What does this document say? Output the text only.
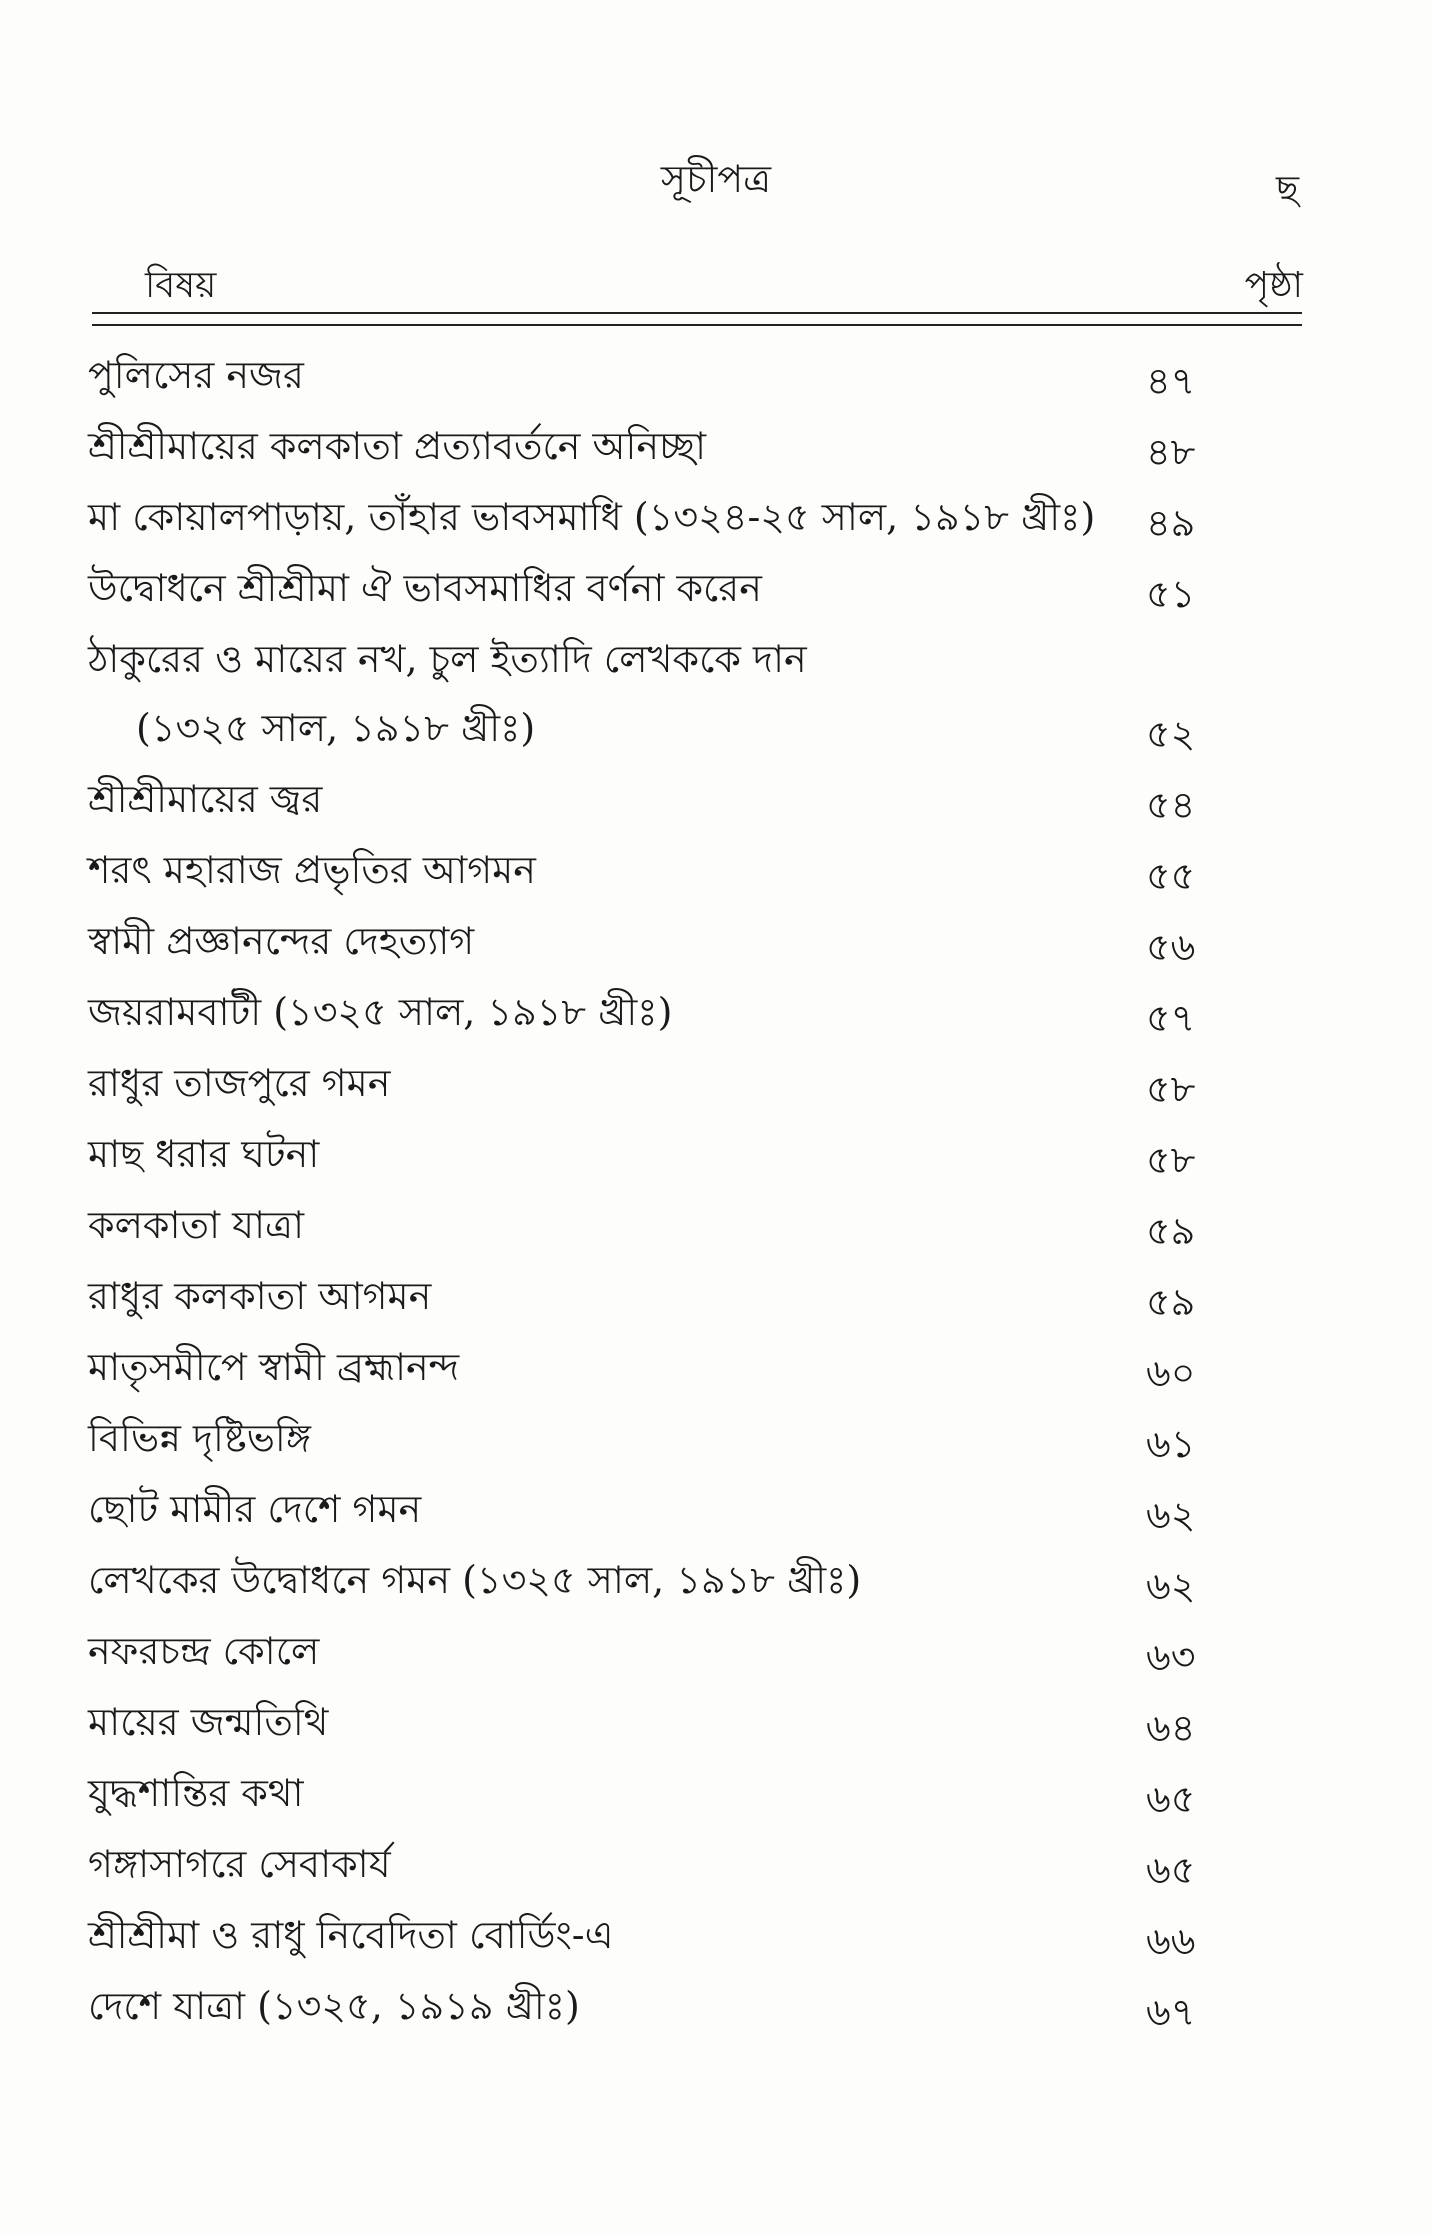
সূচীপত্র	ছ
বিষয়	পৃষ্ঠা
পুলিসের নজর	৪৭
শ্রীশ্রীমায়ের কলকাতা প্রত্যাবর্তনে অনিচ্ছা	৪৮
মা কোয়ালপাড়ায়, তাঁহার ভাবসমাধি (১৩২৪-২৫ সাল, ১৯১৮ খ্রীঃ) ৪৯
উদ্বোধনে শ্রীশ্রীমা ঐ ভাবসমাধির বর্ণনা করেন	৫১
ঠাকুরের ও মায়ের নখ, চুল ইত্যাদি লেখককে দান
(১৩২৫ সাল, ১৯১৮ খ্রীঃ)	৫২
শ্রীশ্রীমায়ের জ্বর	৫৪
শরৎ মহারাজ প্রভৃতির আগমন	৫৫
স্বামী প্রজ্ঞানন্দের দেহত্যাগ	৫৬
জয়রামবাটী (১৩২৫ সাল, ১৯১৮ খ্রীঃ)	৫৭
রাধুর তাজপুরে গমন	৫৮
মাছ ধরার ঘটনা	৫৮
কলকাতা যাত্রা	৫৯
রাধুর কলকাতা আগমন	৫৯
মাতৃসমীপে স্বামী ব্রহ্মানন্দ	৬০
বিভিন্ন দৃষ্টিভঙ্গি	৬১
ছোট মামীর দেশে গমন	৬২
লেখকের উদ্বোধনে গমন (১৩২৫ সাল, ১৯১৮ খ্রীঃ)	৬২
নফরচন্দ্র কোলে	৬৩
মায়ের জন্মতিথি	৬৪
যুদ্ধশান্তির কথা	৬৫
গঙ্গাসাগরে সেবাকার্য	৬৫
শ্রীশ্রীমা ও রাধু নিবেদিতা বোর্ডিং-এ	৬৬
দেশে যাত্রা (১৩২৫, ১৯১৯ খ্রীঃ)	৬৭
